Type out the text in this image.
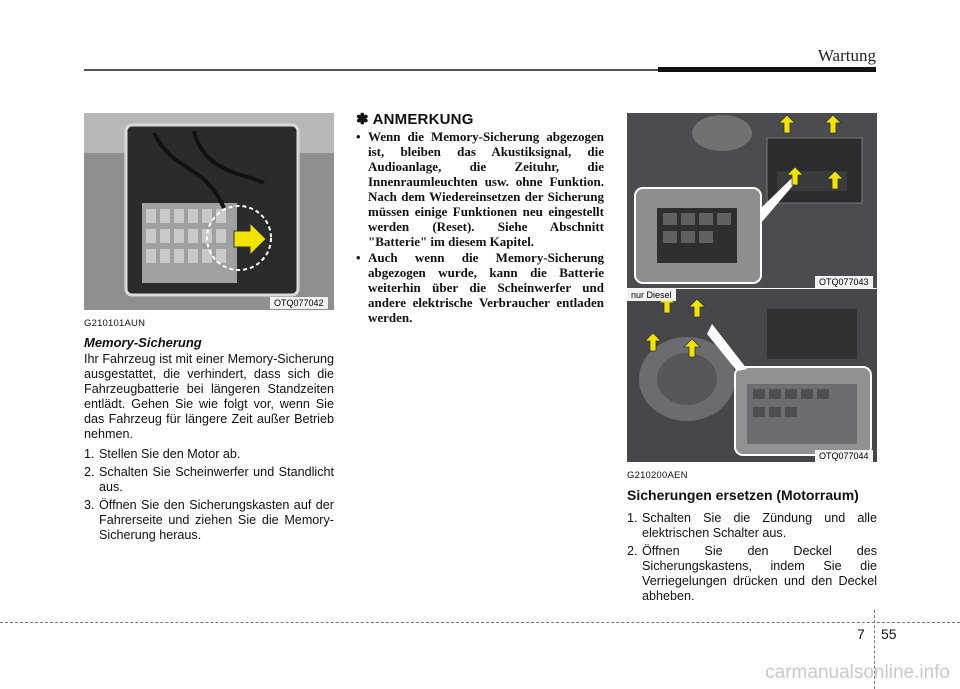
Wartung
OTQ077042
G210101AUN
Memory-Sicherung
Ihr Fahrzeug ist mit einer Memory-Sicherung ausgestattet, die verhindert, dass sich die Fahrzeugbatterie bei längeren Standzeiten entlädt. Gehen Sie wie folgt vor, wenn Sie das Fahrzeug für längere Zeit außer Betrieb nehmen.
1. Stellen Sie den Motor ab.
2. Schalten Sie Scheinwerfer und Standlicht aus.
3. Öffnen Sie den Sicherungskasten auf der Fahrerseite und ziehen Sie die Memory-Sicherung heraus.
✽ ANMERKUNG
• Wenn die Memory-Sicherung abgezogen ist, bleiben das Akustiksignal, die Audioanlage, die Zeituhr, die Innenraumleuchten usw. ohne Funktion. Nach dem Wiedereinsetzen der Sicherung müssen einige Funktionen neu eingestellt werden (Reset). Siehe Abschnitt "Batterie" im diesem Kapitel.
• Auch wenn die Memory-Sicherung abgezogen wurde, kann die Batterie weiterhin über die Scheinwerfer und andere elektrische Verbraucher entladen werden.
OTQ077043
nur Diesel
OTQ077044
G210200AEN
Sicherungen ersetzen (Motorraum)
1. Schalten Sie die Zündung und alle elektrischen Schalter aus.
2. Öffnen Sie den Deckel des Sicherungskastens, indem Sie die Verriegelungen drücken und den Deckel abheben.
7 55
carmanualsonline.info
